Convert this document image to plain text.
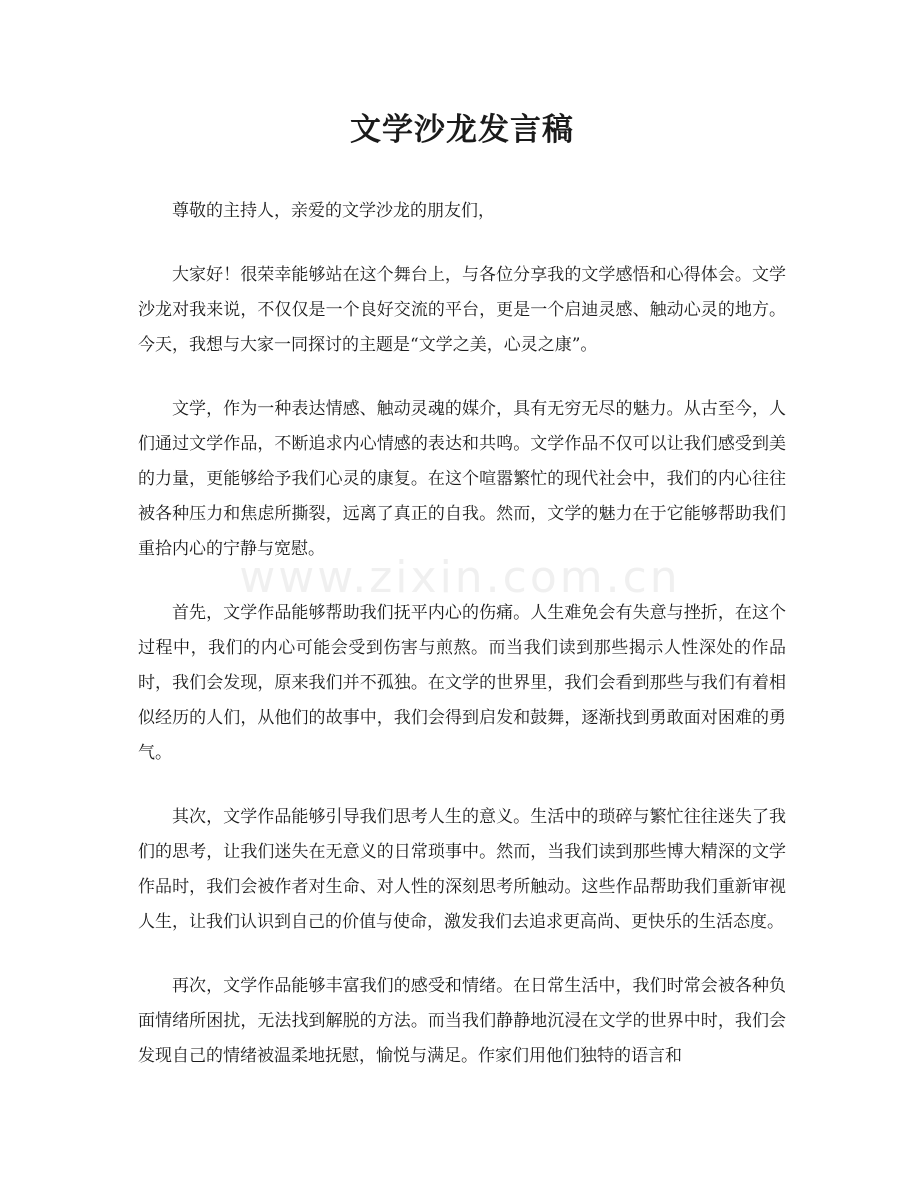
文学沙龙发言稿

尊敬的主持人，亲爱的文学沙龙的朋友们，

大家好！很荣幸能够站在这个舞台上，与各位分享我的文学感悟和心得体会。文学沙龙对我来说，不仅仅是一个良好交流的平台，更是一个启迪灵感、触动心灵的地方。今天，我想与大家一同探讨的主题是“文学之美，心灵之康”。

文学，作为一种表达情感、触动灵魂的媒介，具有无穷无尽的魅力。从古至今，人们通过文学作品，不断追求内心情感的表达和共鸣。文学作品不仅可以让我们感受到美的力量，更能够给予我们心灵的康复。在这个喧嚣繁忙的现代社会中，我们的内心往往被各种压力和焦虑所撕裂，远离了真正的自我。然而，文学的魅力在于它能够帮助我们重拾内心的宁静与宽慰。

首先，文学作品能够帮助我们抚平内心的伤痛。人生难免会有失意与挫折，在这个过程中，我们的内心可能会受到伤害与煎熬。而当我们读到那些揭示人性深处的作品时，我们会发现，原来我们并不孤独。在文学的世界里，我们会看到那些与我们有着相似经历的人们，从他们的故事中，我们会得到启发和鼓舞，逐渐找到勇敢面对困难的勇气。

其次，文学作品能够引导我们思考人生的意义。生活中的琐碎与繁忙往往迷失了我们的思考，让我们迷失在无意义的日常琐事中。然而，当我们读到那些博大精深的文学作品时，我们会被作者对生命、对人性的深刻思考所触动。这些作品帮助我们重新审视人生，让我们认识到自己的价值与使命，激发我们去追求更高尚、更快乐的生活态度。

再次，文学作品能够丰富我们的感受和情绪。在日常生活中，我们时常会被各种负面情绪所困扰，无法找到解脱的方法。而当我们静静地沉浸在文学的世界中时，我们会发现自己的情绪被温柔地抚慰，愉悦与满足。作家们用他们独特的语言和

www.zixin.com.cn
